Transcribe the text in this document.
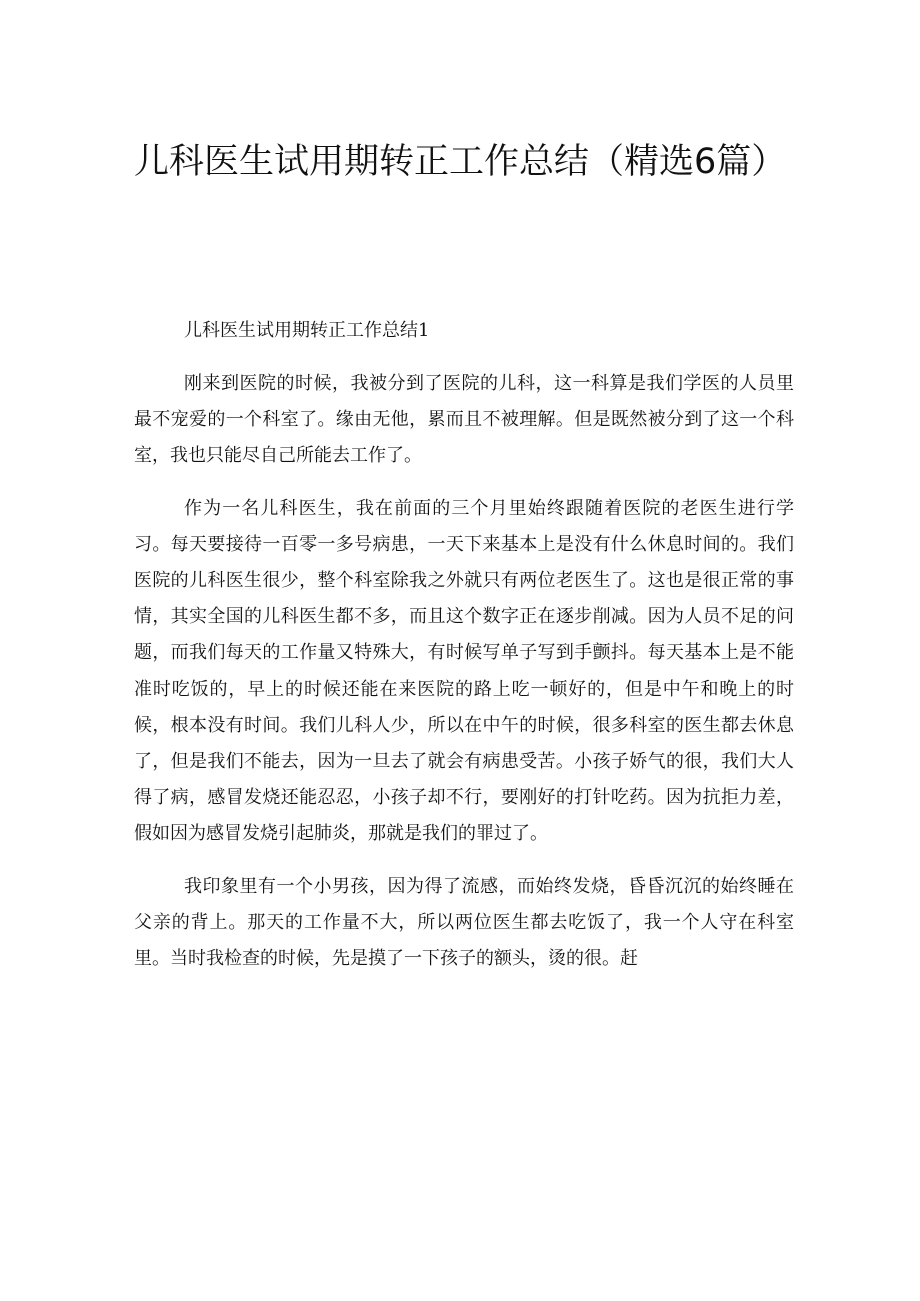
儿科医生试用期转正工作总结（精选6篇）

儿科医生试用期转正工作总结1

刚来到医院的时候，我被分到了医院的儿科，这一科算是我们学医的人员里最不宠爱的一个科室了。缘由无他，累而且不被理解。但是既然被分到了这一个科室，我也只能尽自己所能去工作了。

作为一名儿科医生，我在前面的三个月里始终跟随着医院的老医生进行学习。每天要接待一百零一多号病患，一天下来基本上是没有什么休息时间的。我们医院的儿科医生很少，整个科室除我之外就只有两位老医生了。这也是很正常的事情，其实全国的儿科医生都不多，而且这个数字正在逐步削减。因为人员不足的问题，而我们每天的工作量又特殊大，有时候写单子写到手颤抖。每天基本上是不能准时吃饭的，早上的时候还能在来医院的路上吃一顿好的，但是中午和晚上的时候，根本没有时间。我们儿科人少，所以在中午的时候，很多科室的医生都去休息了，但是我们不能去，因为一旦去了就会有病患受苦。小孩子娇气的很，我们大人得了病，感冒发烧还能忍忍，小孩子却不行，要刚好的打针吃药。因为抗拒力差，假如因为感冒发烧引起肺炎，那就是我们的罪过了。

我印象里有一个小男孩，因为得了流感，而始终发烧，昏昏沉沉的始终睡在父亲的背上。那天的工作量不大，所以两位医生都去吃饭了，我一个人守在科室里。当时我检查的时候，先是摸了一下孩子的额头，烫的很。赶
